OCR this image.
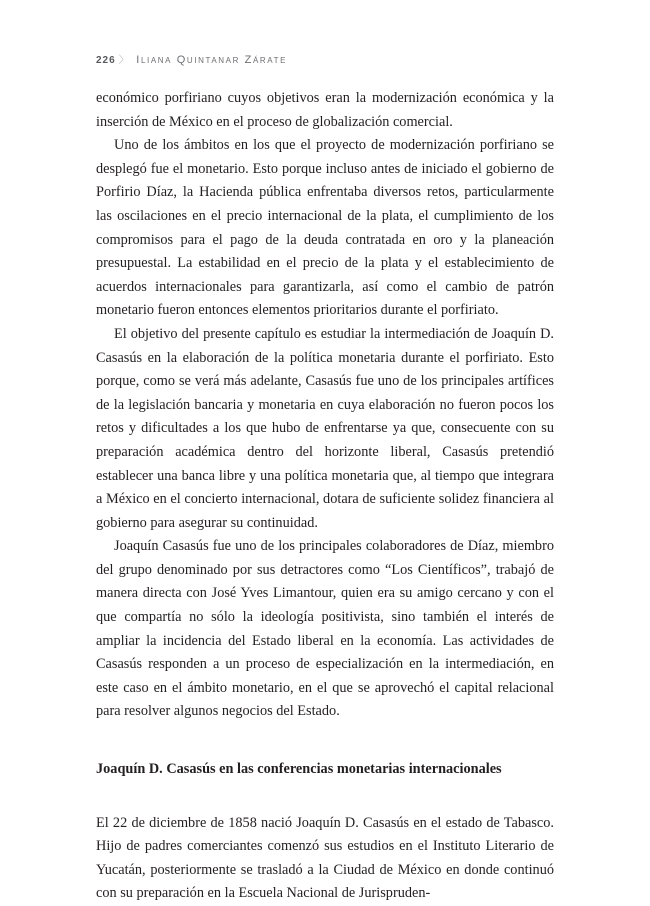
226 〉 Iliana Quintanar Zárate

económico porfiriano cuyos objetivos eran la modernización económica y la inserción de México en el proceso de globalización comercial.

Uno de los ámbitos en los que el proyecto de modernización porfiriano se desplegó fue el monetario. Esto porque incluso antes de iniciado el gobierno de Porfirio Díaz, la Hacienda pública enfrentaba diversos retos, particularmente las oscilaciones en el precio internacional de la plata, el cumplimiento de los compromisos para el pago de la deuda contratada en oro y la planeación presupuestal. La estabilidad en el precio de la plata y el establecimiento de acuerdos internacionales para garantizarla, así como el cambio de patrón monetario fueron entonces elementos prioritarios durante el porfiriato.

El objetivo del presente capítulo es estudiar la intermediación de Joaquín D. Casasús en la elaboración de la política monetaria durante el porfiriato. Esto porque, como se verá más adelante, Casasús fue uno de los principales artífices de la legislación bancaria y monetaria en cuya elaboración no fueron pocos los retos y dificultades a los que hubo de enfrentarse ya que, consecuente con su preparación académica dentro del horizonte liberal, Casasús pretendió establecer una banca libre y una política monetaria que, al tiempo que integrara a México en el concierto internacional, dotara de suficiente solidez financiera al gobierno para asegurar su continuidad.

Joaquín Casasús fue uno de los principales colaboradores de Díaz, miembro del grupo denominado por sus detractores como “Los Científicos”, trabajó de manera directa con José Yves Limantour, quien era su amigo cercano y con el que compartía no sólo la ideología positivista, sino también el interés de ampliar la incidencia del Estado liberal en la economía. Las actividades de Casasús responden a un proceso de especialización en la intermediación, en este caso en el ámbito monetario, en el que se aprovechó el capital relacional para resolver algunos negocios del Estado.

Joaquín D. Casasús en las conferencias monetarias internacionales

El 22 de diciembre de 1858 nació Joaquín D. Casasús en el estado de Tabasco. Hijo de padres comerciantes comenzó sus estudios en el Instituto Literario de Yucatán, posteriormente se trasladó a la Ciudad de México en donde continuó con su preparación en la Escuela Nacional de Jurispruden-
